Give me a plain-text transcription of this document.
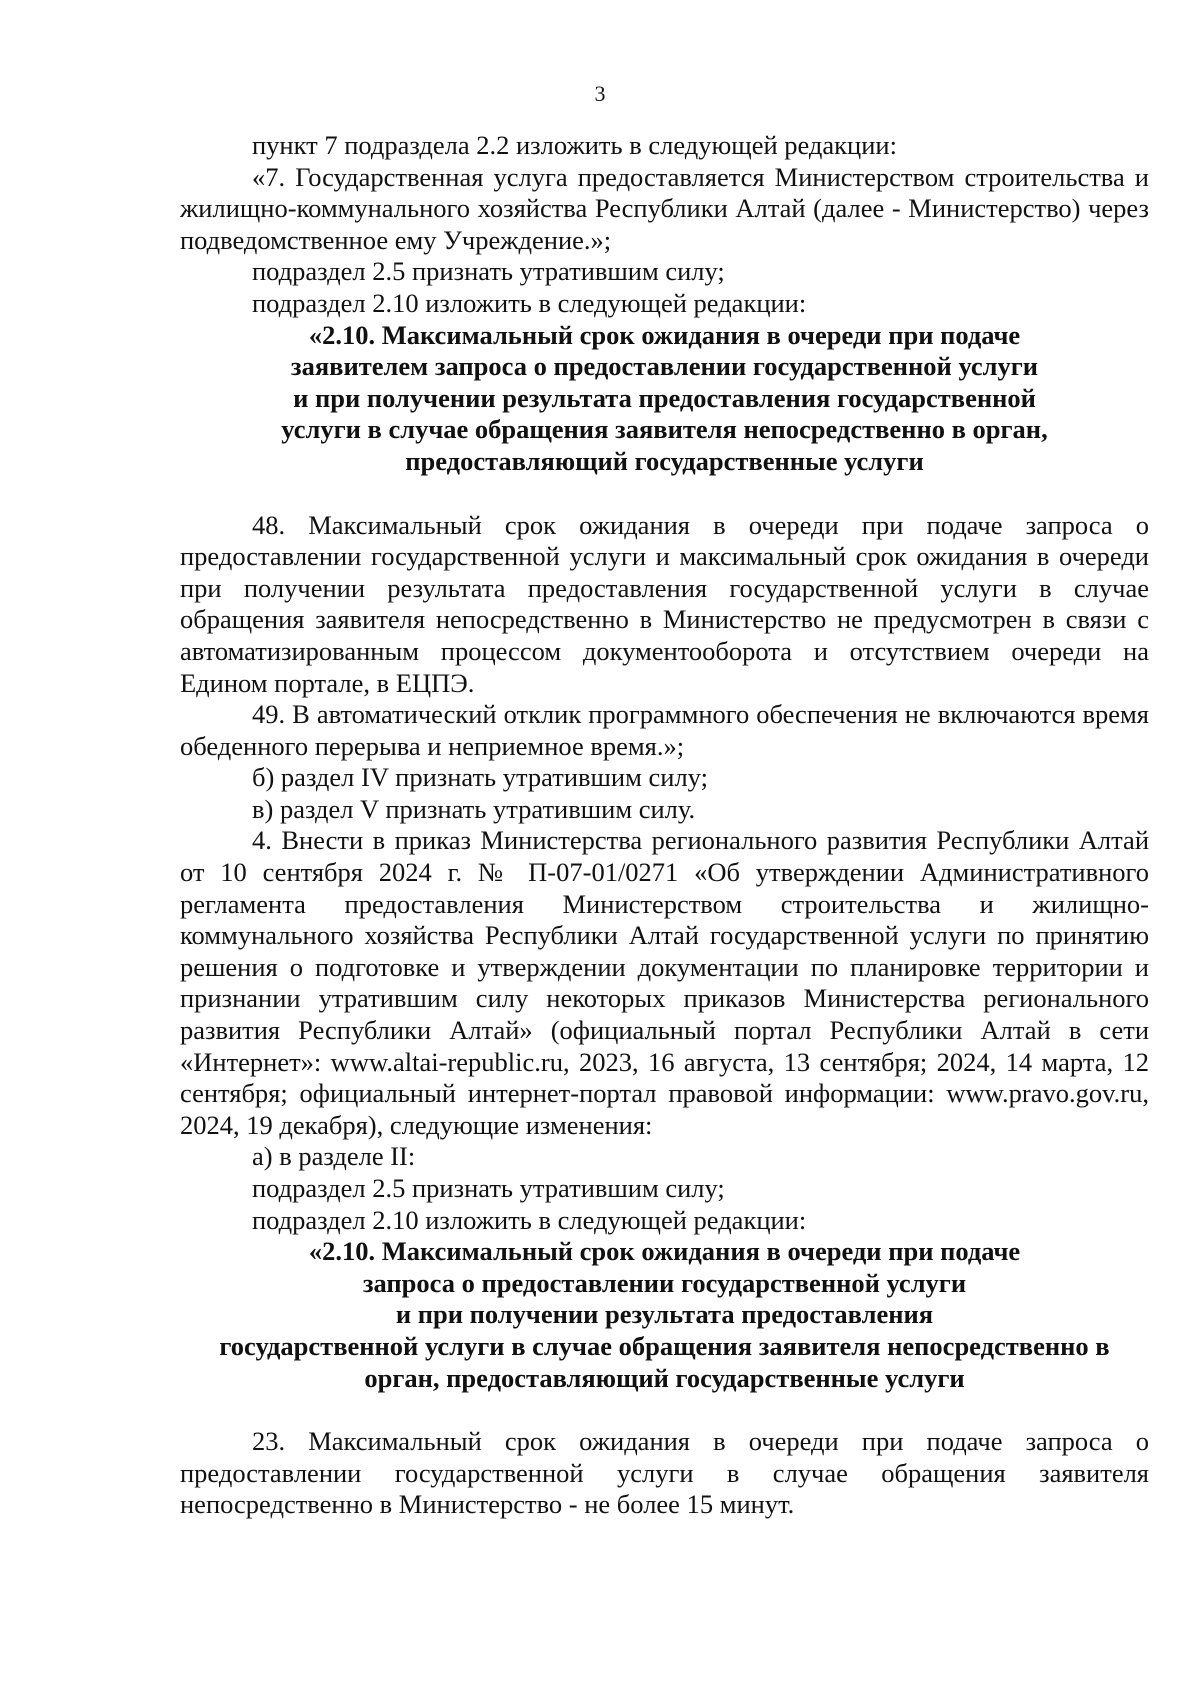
3

пункт 7 подраздела 2.2 изложить в следующей редакции:

«7. Государственная услуга предоставляется Министерством строительства и жилищно-коммунального хозяйства Республики Алтай (далее - Министерство) через подведомственное ему Учреждение.»;

подраздел 2.5 признать утратившим силу;

подраздел 2.10 изложить в следующей редакции:

«2.10. Максимальный срок ожидания в очереди при подаче
заявителем запроса о предоставлении государственной услуги
и при получении результата предоставления государственной
услуги в случае обращения заявителя непосредственно в орган,
предоставляющий государственные услуги

48. Максимальный срок ожидания в очереди при подаче запроса о предоставлении государственной услуги и максимальный срок ожидания в очереди при получении результата предоставления государственной услуги в случае обращения заявителя непосредственно в Министерство не предусмотрен в связи с автоматизированным процессом документооборота и отсутствием очереди на Едином портале, в ЕЦПЭ.

49. В автоматический отклик программного обеспечения не включаются время обеденного перерыва и неприемное время.»;

б) раздел IV признать утратившим силу;

в) раздел V признать утратившим силу.

4. Внести в приказ Министерства регионального развития Республики Алтай от 10 сентября 2024 г. № П-07-01/0271 «Об утверждении Административного регламента предоставления Министерством строительства и жилищно-коммунального хозяйства Республики Алтай государственной услуги по принятию решения о подготовке и утверждении документации по планировке территории и признании утратившим силу некоторых приказов Министерства регионального развития Республики Алтай» (официальный портал Республики Алтай в сети «Интернет»: www.altai-republic.ru, 2023, 16 августа, 13 сентября; 2024, 14 марта, 12 сентября; официальный интернет-портал правовой информации: www.pravo.gov.ru, 2024, 19 декабря), следующие изменения:

а) в разделе II:

подраздел 2.5 признать утратившим силу;

подраздел 2.10 изложить в следующей редакции:

«2.10. Максимальный срок ожидания в очереди при подаче
запроса о предоставлении государственной услуги
и при получении результата предоставления
государственной услуги в случае обращения заявителя непосредственно в
орган, предоставляющий государственные услуги

23. Максимальный срок ожидания в очереди при подаче запроса о предоставлении государственной услуги в случае обращения заявителя непосредственно в Министерство - не более 15 минут.
